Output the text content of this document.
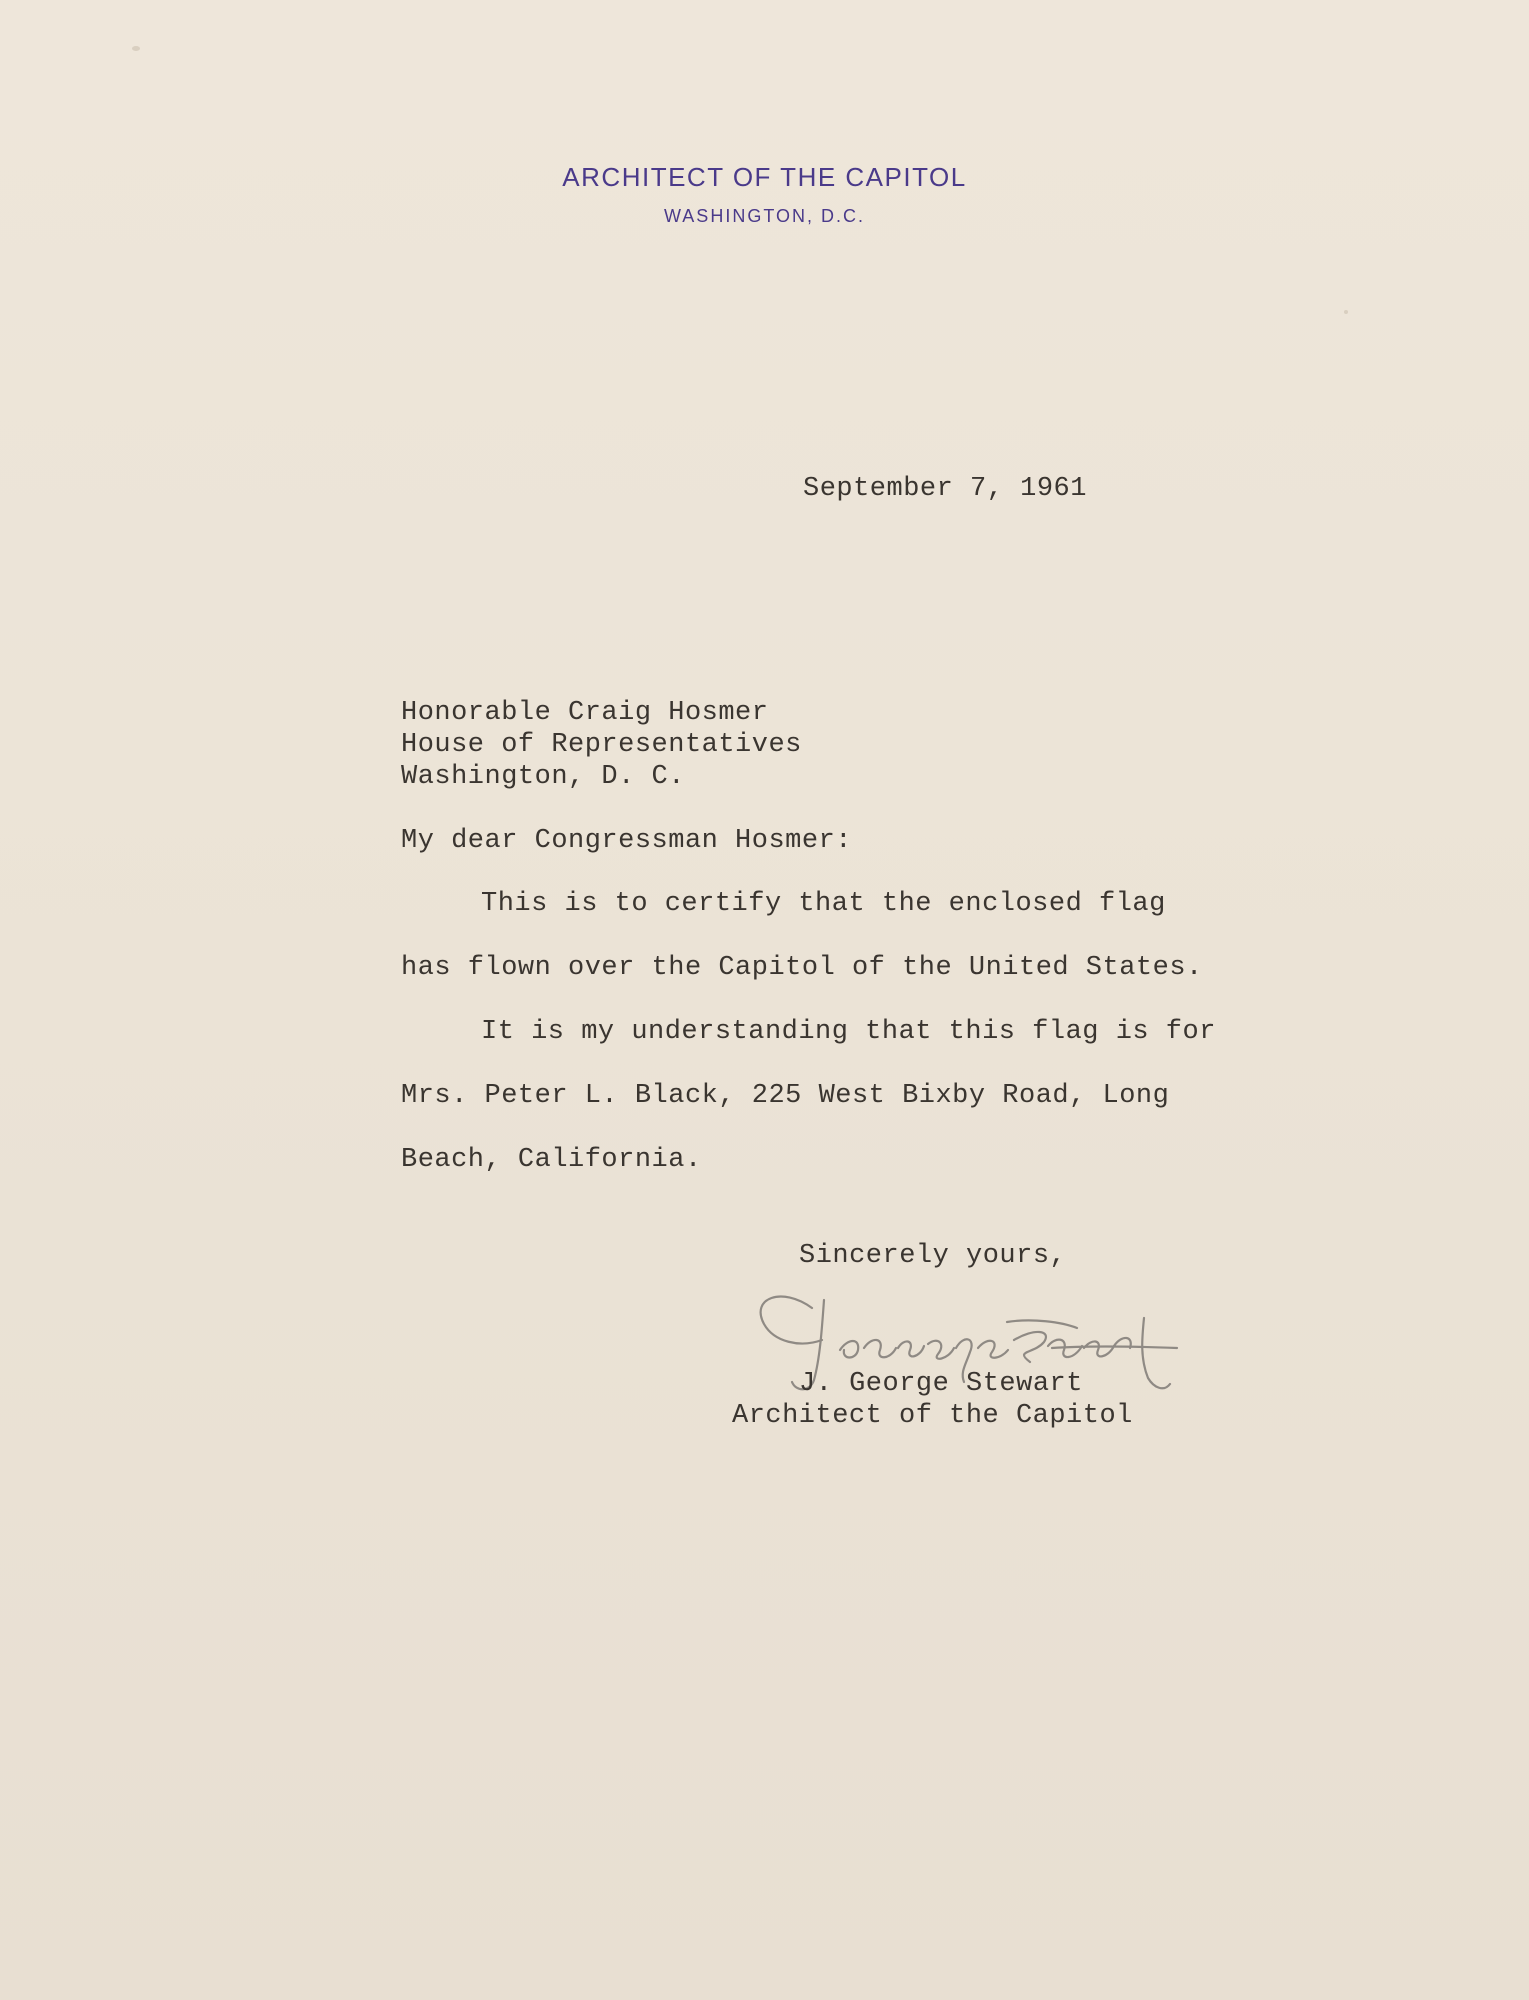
ARCHITECT OF THE CAPITOL
WASHINGTON, D.C.
September 7, 1961
Honorable Craig Hosmer
House of Representatives
Washington, D. C.
My dear Congressman Hosmer:
This is to certify that the enclosed flag
has flown over the Capitol of the United States.
It is my understanding that this flag is for
Mrs. Peter L. Black, 225 West Bixby Road, Long
Beach, California.
Sincerely yours,
J. George Stewart
Architect of the Capitol
